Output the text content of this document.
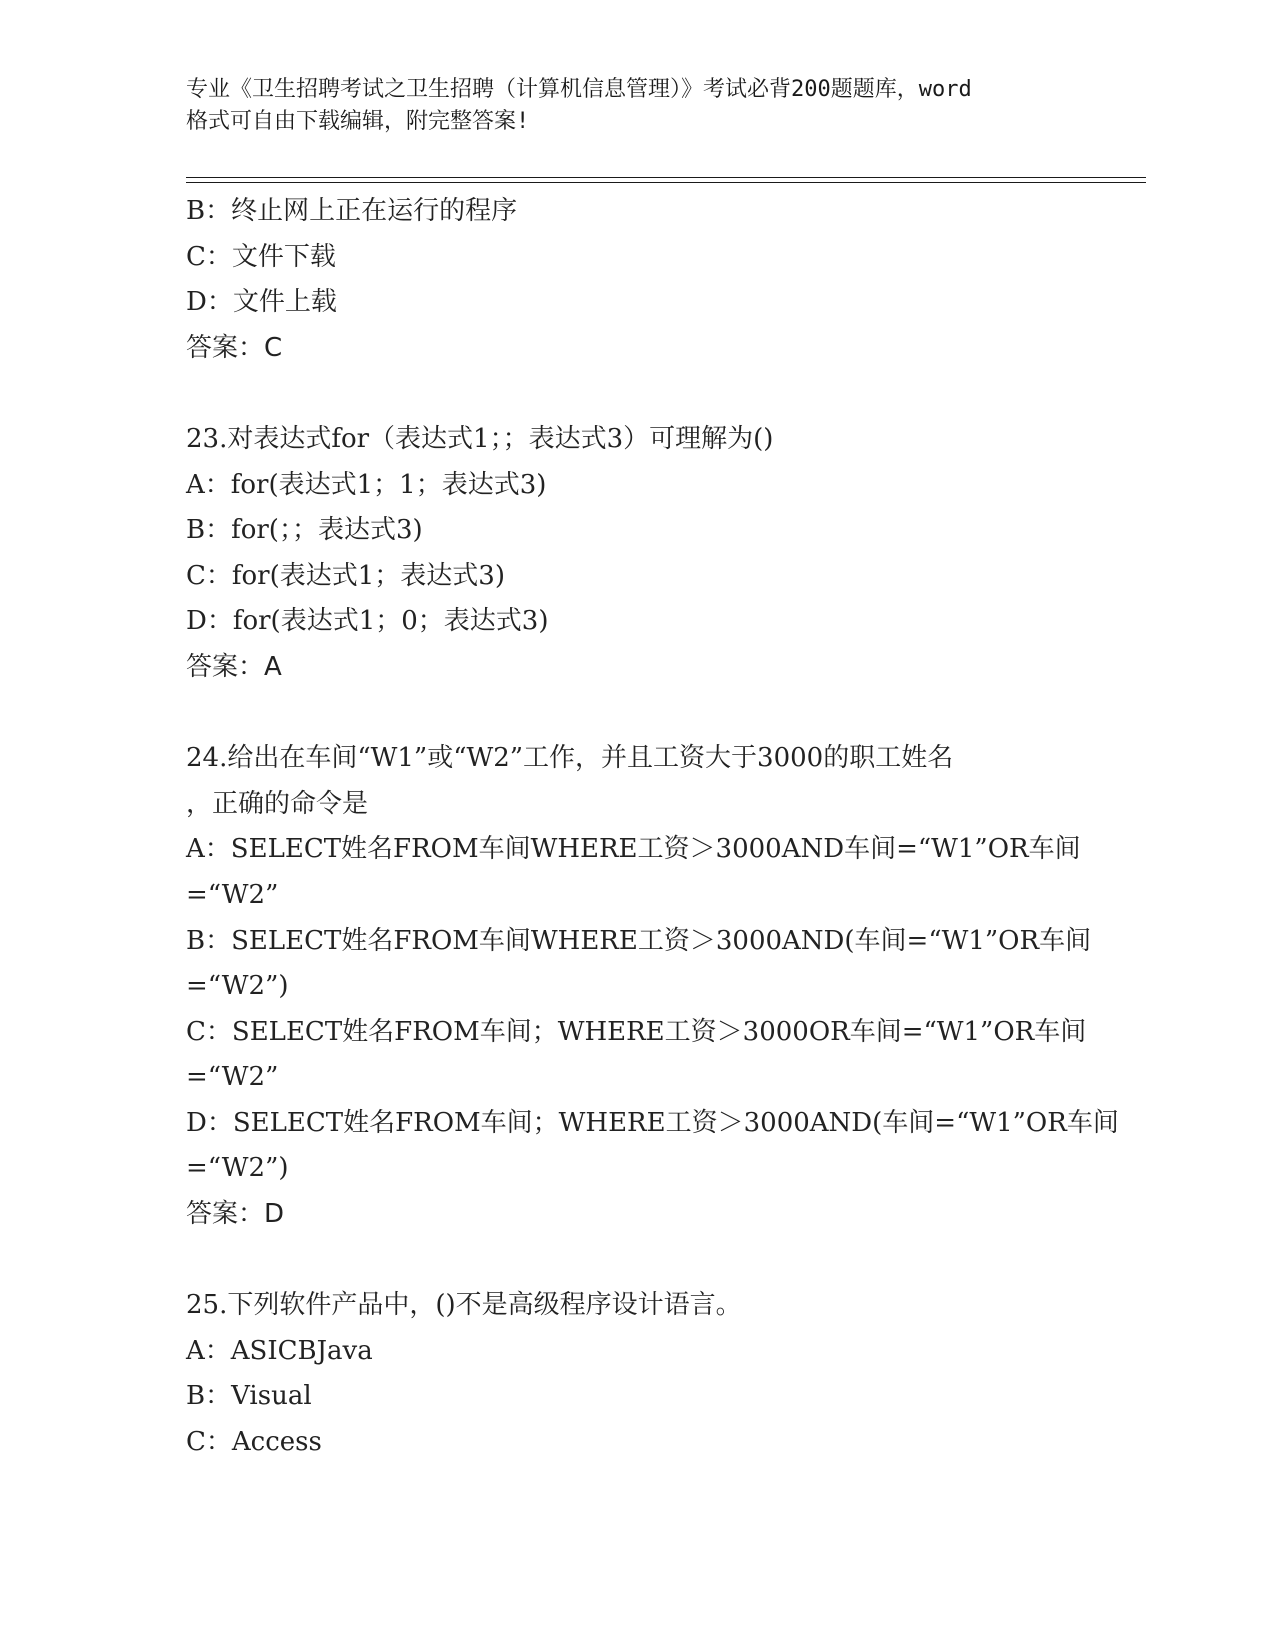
专业《卫生招聘考试之卫生招聘（计算机信息管理）》考试必背200题题库，word
格式可自由下载编辑，附完整答案!
B：终止网上正在运行的程序
C：文件下载
D：文件上载
答案：C
23.对表达式for（表达式1；；表达式3）可理解为()
A：for(表达式1；1；表达式3)
B：for(；；表达式3)
C：for(表达式1；表达式3)
D：for(表达式1；0；表达式3)
答案：A
24.给出在车间“W1”或“W2”工作，并且工资大于3000的职工姓名
，正确的命令是
A：SELECT姓名FROM车间WHERE工资＞3000AND车间=“W1”OR车间
=“W2”
B：SELECT姓名FROM车间WHERE工资＞3000AND(车间=“W1”OR车间
=“W2”)
C：SELECT姓名FROM车间；WHERE工资＞3000OR车间=“W1”OR车间
=“W2”
D：SELECT姓名FROM车间；WHERE工资＞3000AND(车间=“W1”OR车间
=“W2”)
答案：D
25.下列软件产品中，()不是高级程序设计语言。
A：ASICBJava
B：Visual
C：Access
